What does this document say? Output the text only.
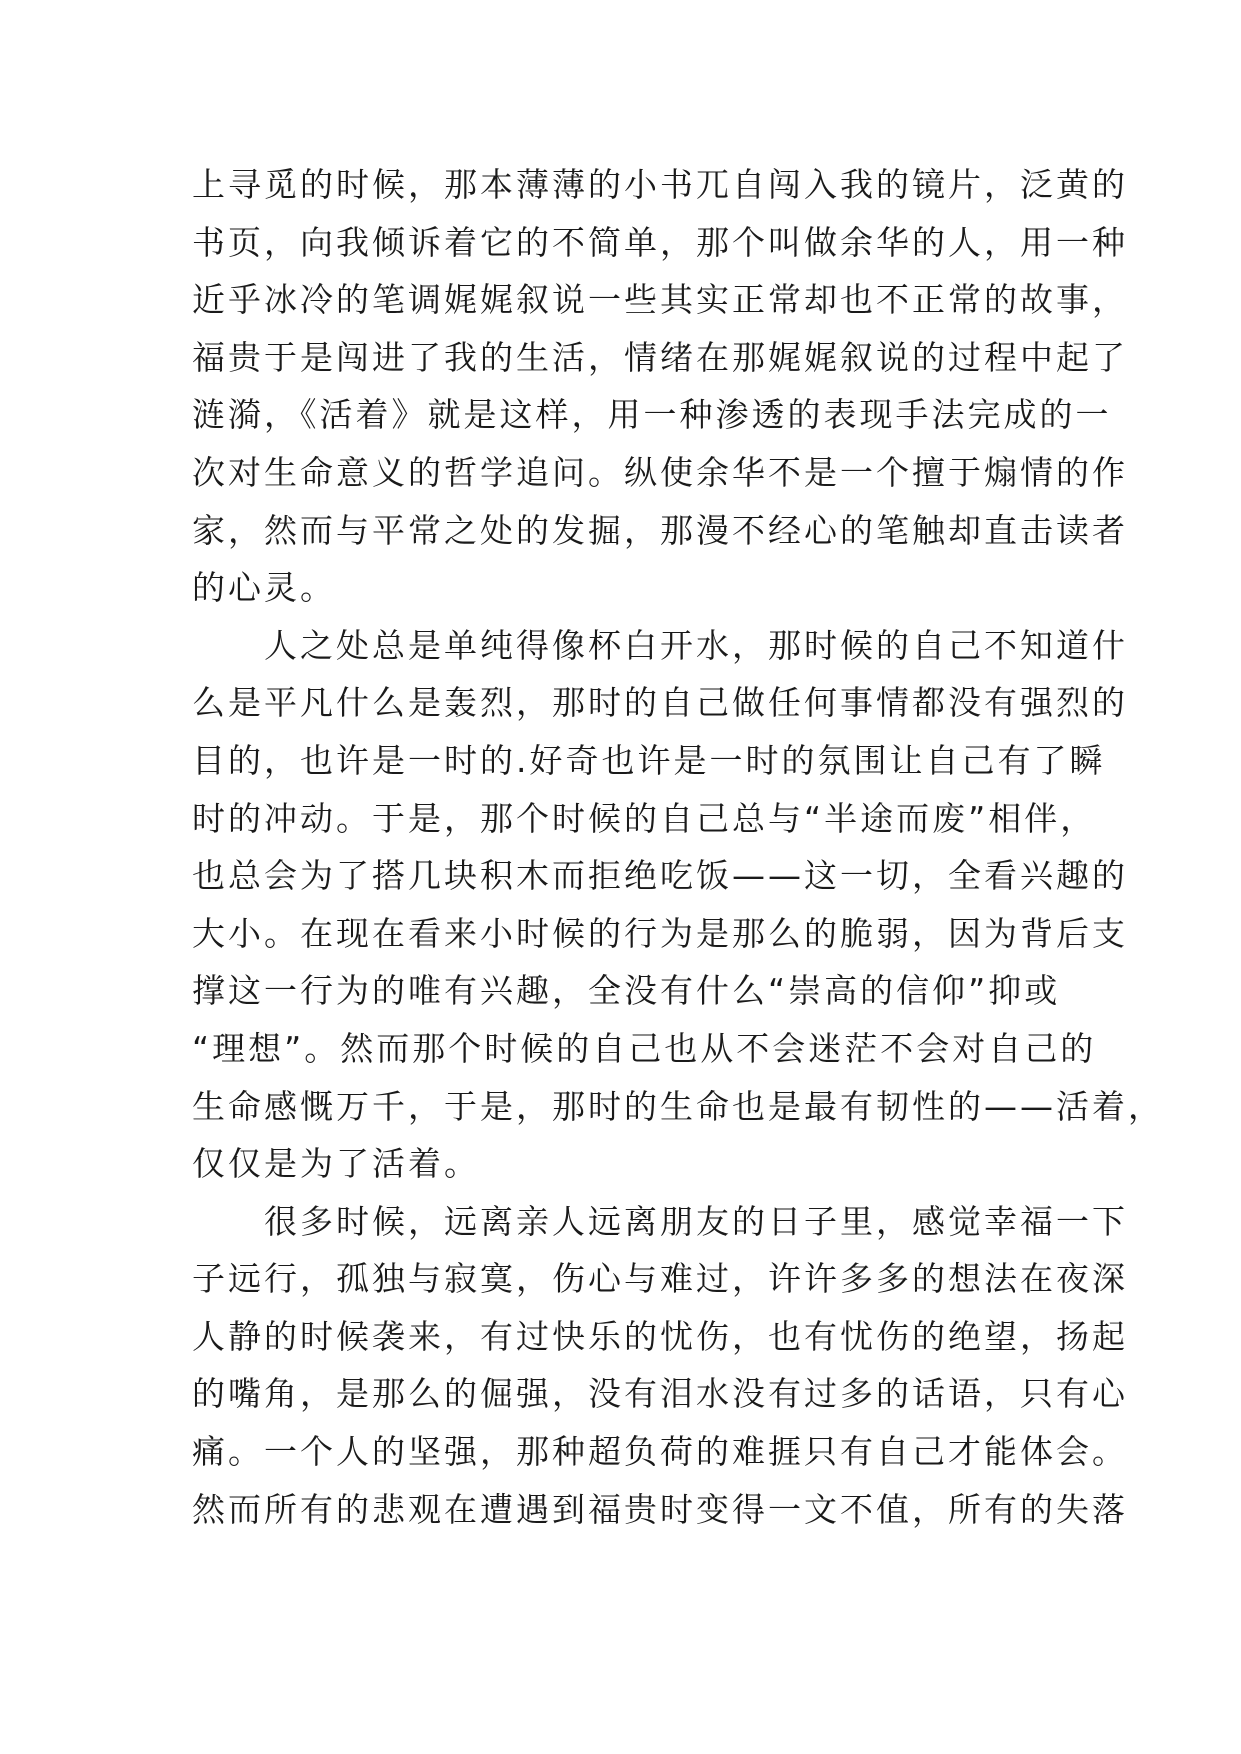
上寻觅的时候，那本薄薄的小书兀自闯入我的镜片，泛黄的
书页，向我倾诉着它的不简单，那个叫做余华的人，用一种
近乎冰冷的笔调娓娓叙说一些其实正常却也不正常的故事，
福贵于是闯进了我的生活，情绪在那娓娓叙说的过程中起了
涟漪，《活着》就是这样，用一种渗透的表现手法完成的一
次对生命意义的哲学追问。纵使余华不是一个擅于煽情的作
家，然而与平常之处的发掘，那漫不经心的笔触却直击读者
的心灵。
人之处总是单纯得像杯白开水，那时候的自己不知道什
么是平凡什么是轰烈，那时的自己做任何事情都没有强烈的
目的，也许是一时的.好奇也许是一时的氛围让自己有了瞬
时的冲动。于是，那个时候的自己总与“半途而废”相伴，
也总会为了搭几块积木而拒绝吃饭——这一切，全看兴趣的
大小。在现在看来小时候的行为是那么的脆弱，因为背后支
撑这一行为的唯有兴趣，全没有什么“崇高的信仰”抑或
“理想”。然而那个时候的自己也从不会迷茫不会对自己的
生命感慨万千，于是，那时的生命也是最有韧性的——活着，
仅仅是为了活着。
很多时候，远离亲人远离朋友的日子里，感觉幸福一下
子远行，孤独与寂寞，伤心与难过，许许多多的想法在夜深
人静的时候袭来，有过快乐的忧伤，也有忧伤的绝望，扬起
的嘴角，是那么的倔强，没有泪水没有过多的话语，只有心
痛。一个人的坚强，那种超负荷的难捱只有自己才能体会。
然而所有的悲观在遭遇到福贵时变得一文不值，所有的失落
